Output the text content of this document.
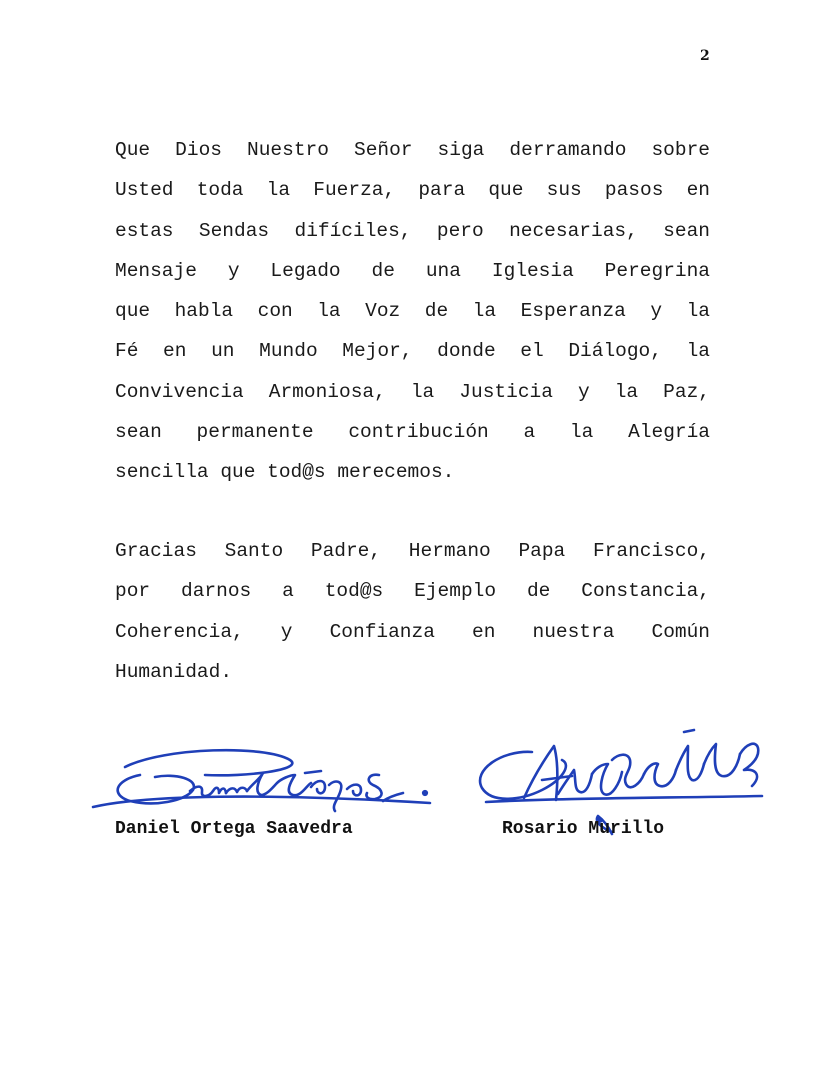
2
Que Dios Nuestro Señor siga derramando sobre
Usted toda la Fuerza, para que sus pasos en
estas Sendas difíciles, pero necesarias, sean
Mensaje y Legado de una Iglesia Peregrina
que habla con la Voz de la Esperanza y la
Fé en un Mundo Mejor, donde el Diálogo, la
Convivencia Armoniosa, la Justicia y la Paz,
sean permanente contribución a la Alegría
sencilla que tod@s merecemos.
Gracias Santo Padre, Hermano Papa Francisco,
por darnos a tod@s Ejemplo de Constancia,
Coherencia, y Confianza en nuestra Común
Humanidad.
Daniel Ortega Saavedra	Rosario Murillo
